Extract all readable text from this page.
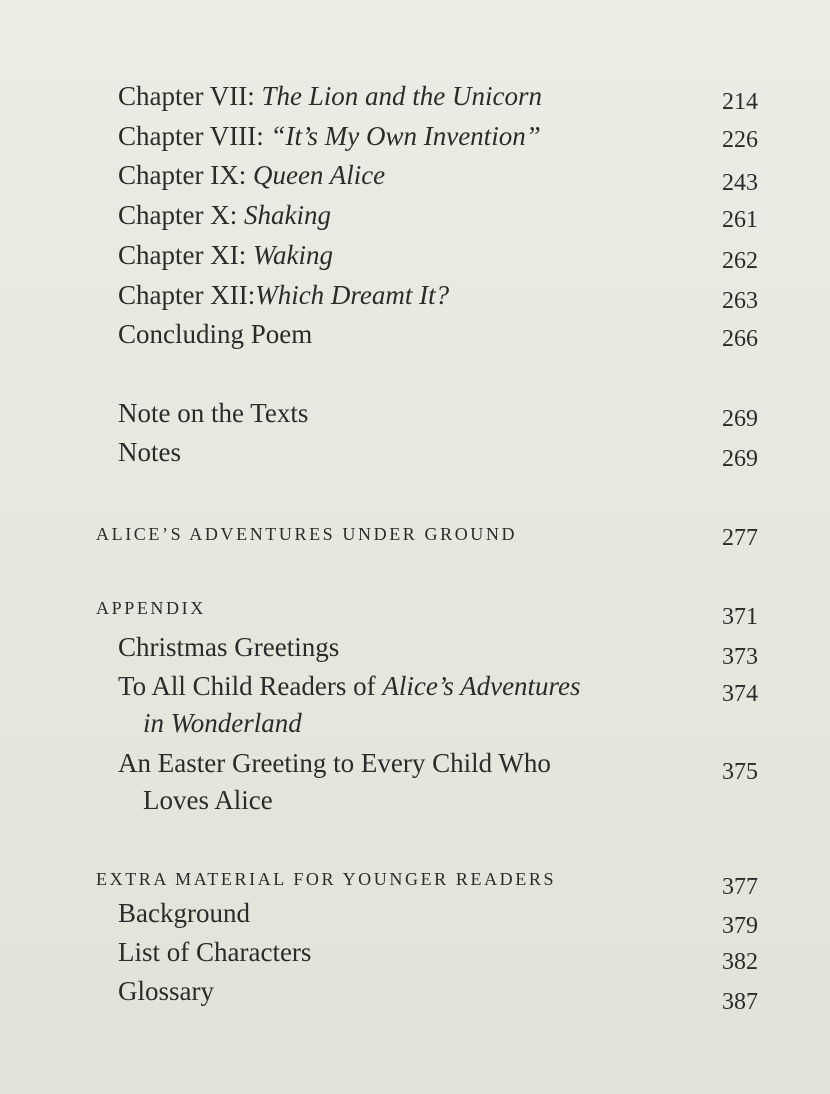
Chapter VII: The Lion and the Unicorn	214
Chapter VIII: “It’s My Own Invention”	226
Chapter IX: Queen Alice	243
Chapter X: Shaking	261
Chapter XI: Waking	262
Chapter XII:Which Dreamt It?	263
Concluding Poem	266
Note on the Texts	269
Notes	269
ALICE’S ADVENTURES UNDER GROUND	277
APPENDIX	371
Christmas Greetings	373
To All Child Readers of Alice’s Adventures
in Wonderland
374
An Easter Greeting to Every Child Who
Loves Alice
375
EXTRA MATERIAL FOR YOUNGER READERS	377
Background	379
List of Characters	382
Glossary	387
